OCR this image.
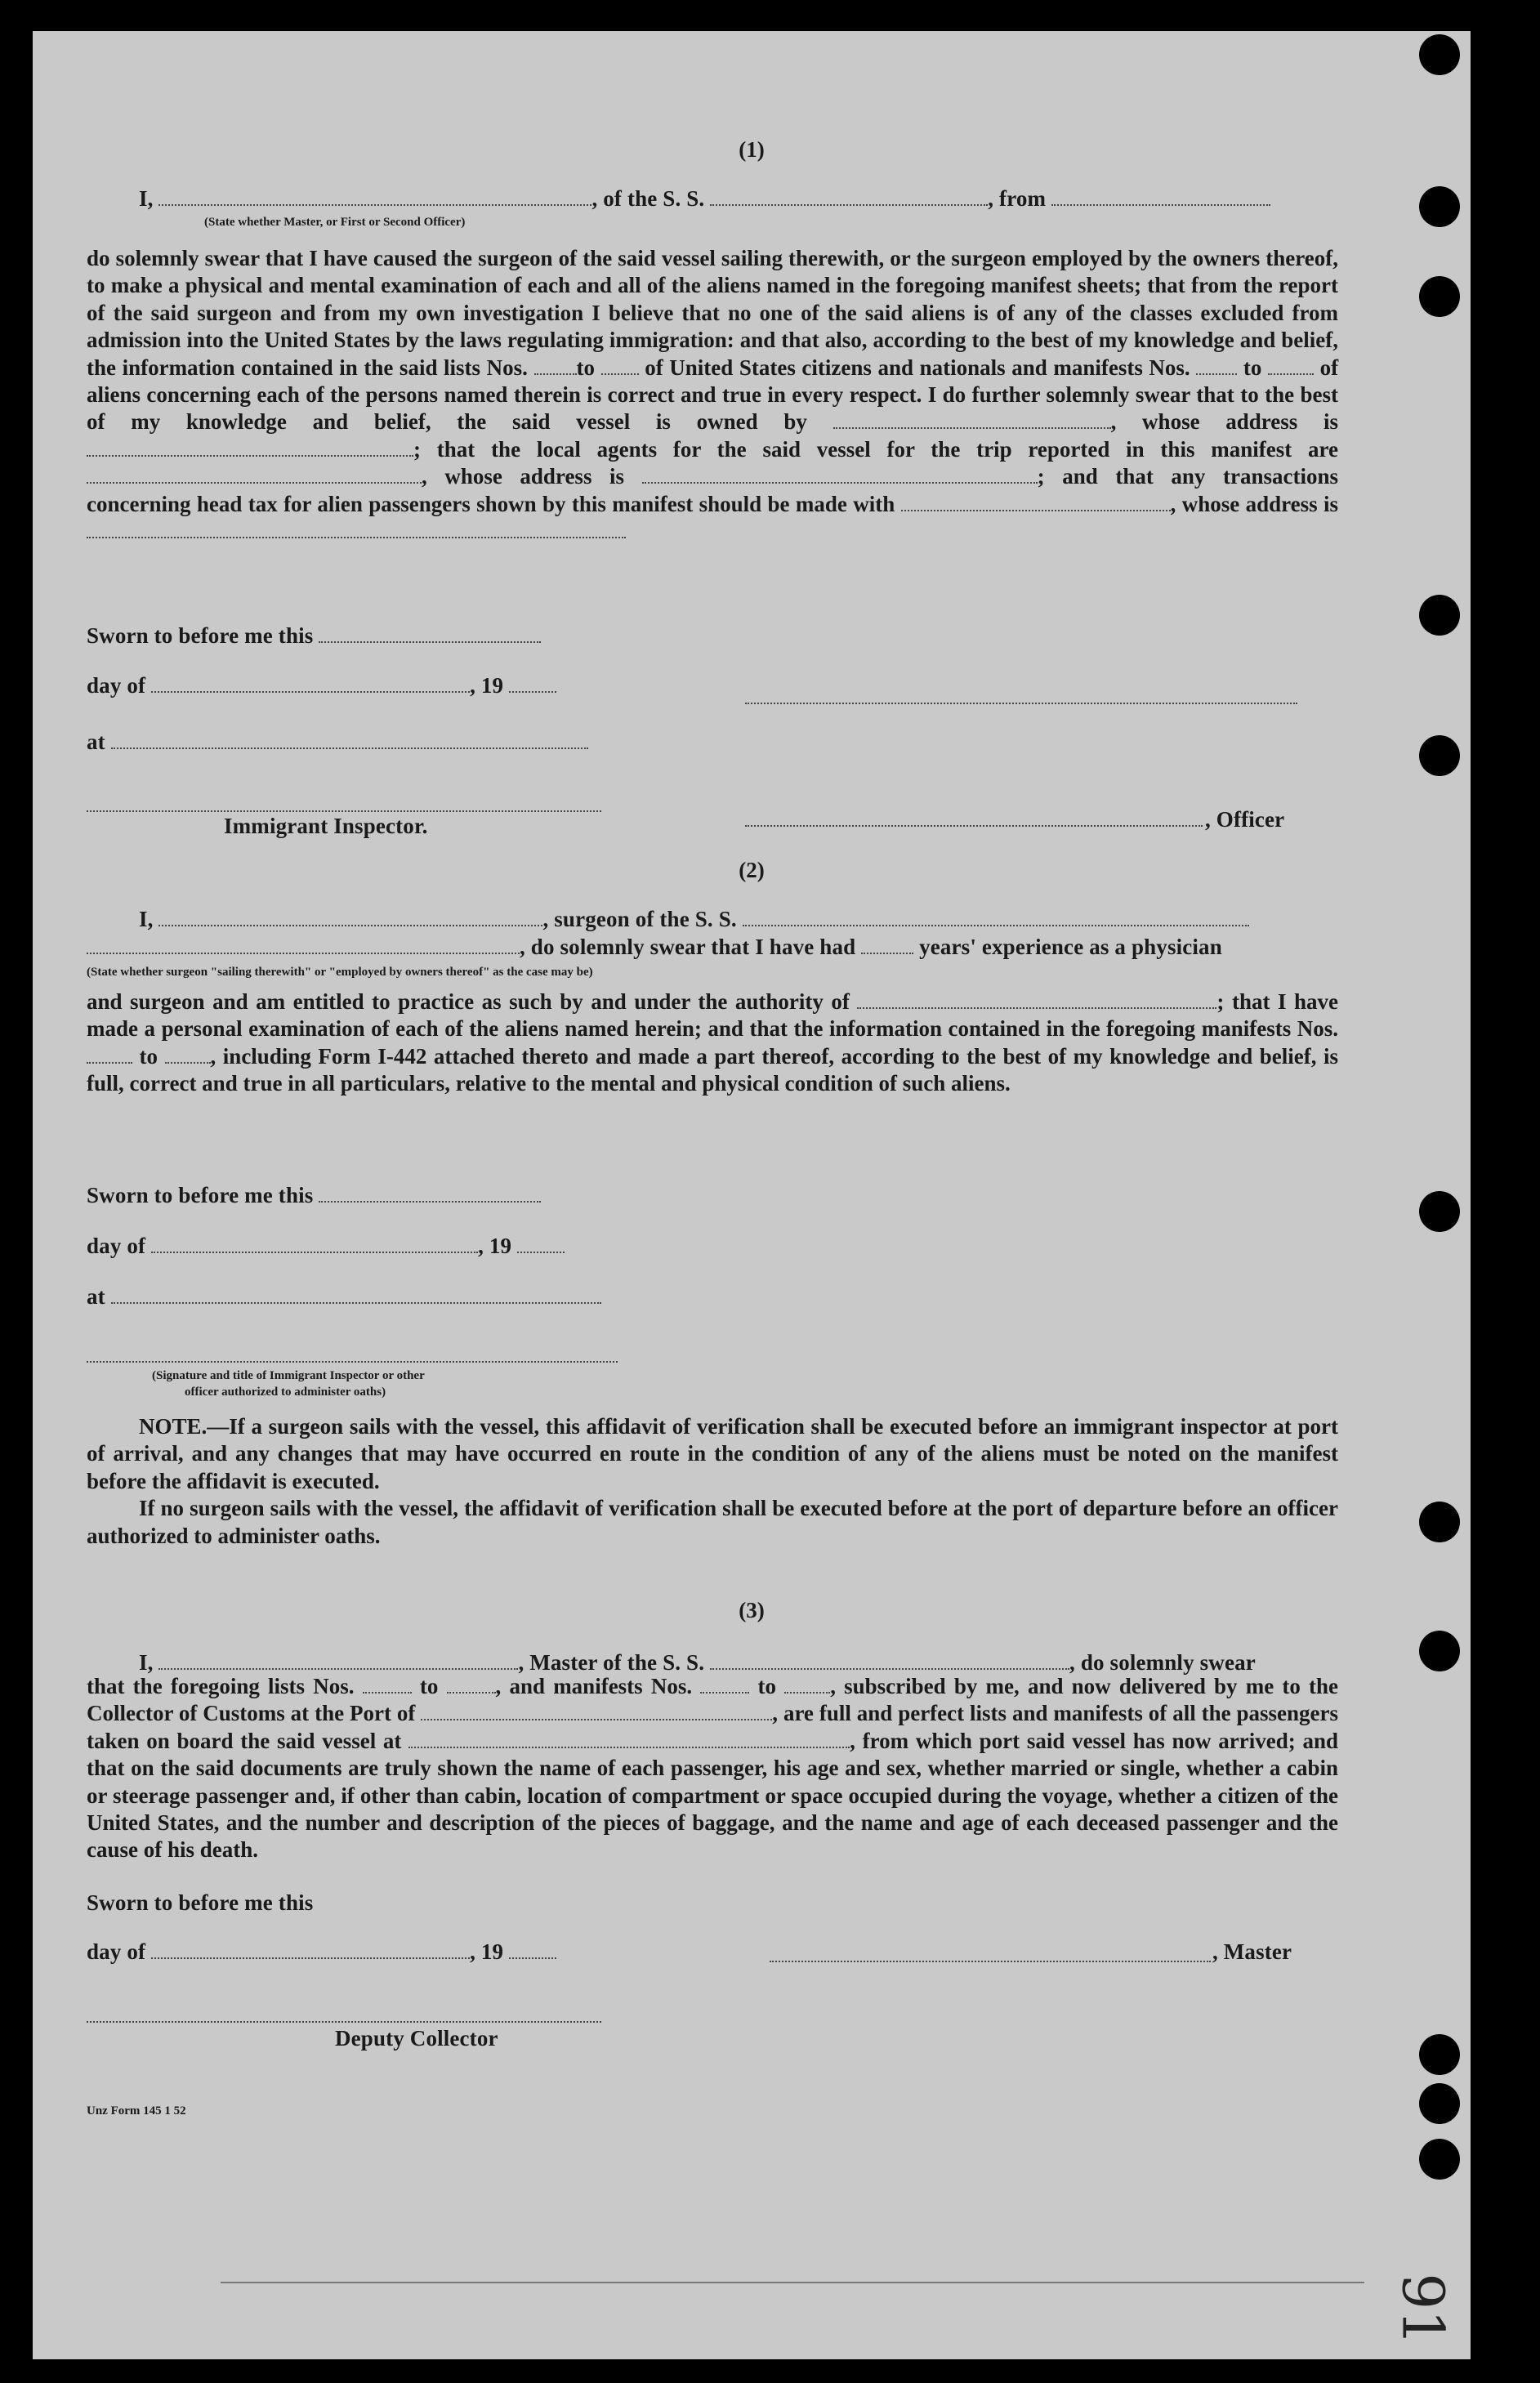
(1)
I,	, of the S. S.	, from
(State whether Master, or First or Second Officer)

do solemnly swear that I have caused the surgeon of the said vessel sailing therewith, or the surgeon employed by the owners thereof, to make a physical and mental examination of each and all of the aliens named in the foregoing manifest sheets; that from the report of the said surgeon and from my own investigation I believe that no one of the said aliens is of any of the classes excluded from admission into the United States by the laws regulating immigration: and that also, according to the best of my knowledge and belief, the information contained in the said lists Nos. to of United States citizens and nationals and manifests Nos. to	of aliens concerning each of the persons named therein is correct and true in every respect. I do further solemnly swear that to the best of my knowledge and belief, the said vessel is owned by	, whose address is ; that the local agents for the said vessel for the trip reported in this manifest are , whose address is	; and that any transactions concerning head tax for alien passengers shown by this manifest should be made with	, whose address is

Sworn to before me this
day of	, 19
at
Immigrant Inspector.	, Officer
(2)
I,	, surgeon of the S. S.
, do solemnly swear that I have had	years' experience as a physician
(State whether surgeon "sailing therewith" or "employed by owners thereof" as the case may be)

and surgeon and am entitled to practice as such by and under the authority of	; that I have made a personal examination of each of the aliens named herein; and that the information contained in the foregoing manifests Nos.  to , including Form I-442 attached thereto and made a part thereof, according to the best of my knowledge and belief, is full, correct and true in all particulars, relative to the mental and physical condition of such aliens.

Sworn to before me this
day of	, 19
at
(Signature and title of Immigrant Inspector or other
officer authorized to administer oaths)

NOTE.—If a surgeon sails with the vessel, this affidavit of verification shall be executed before an immigrant inspector at port of arrival, and any changes that may have occurred en route in the condition of any of the aliens must be noted on the manifest before the affidavit is executed.

If no surgeon sails with the vessel, the affidavit of verification shall be executed before at the port of departure before an officer authorized to administer oaths.

(3)
I,	, Master of the S. S.	, do solemnly swear

that the foregoing lists Nos.	to	, and manifests Nos.	to , subscribed by me, and now delivered by me to the Collector of Customs at the Port of	, are full and perfect lists and manifests of all the passengers taken on board the said vessel at	, from which port said vessel has now arrived; and that on the said documents are truly shown the name of each passenger, his age and sex, whether married or single, whether a cabin or steerage passenger and, if other than cabin, location of compartment or space occupied during the voyage, whether a citizen of the United States, and the number and description of the pieces of baggage, and the name and age of each deceased passenger and the cause of his death.

Sworn to before me this
day of	, 19	, Master
Deputy Collector
Unz Form 145 1 52
91
